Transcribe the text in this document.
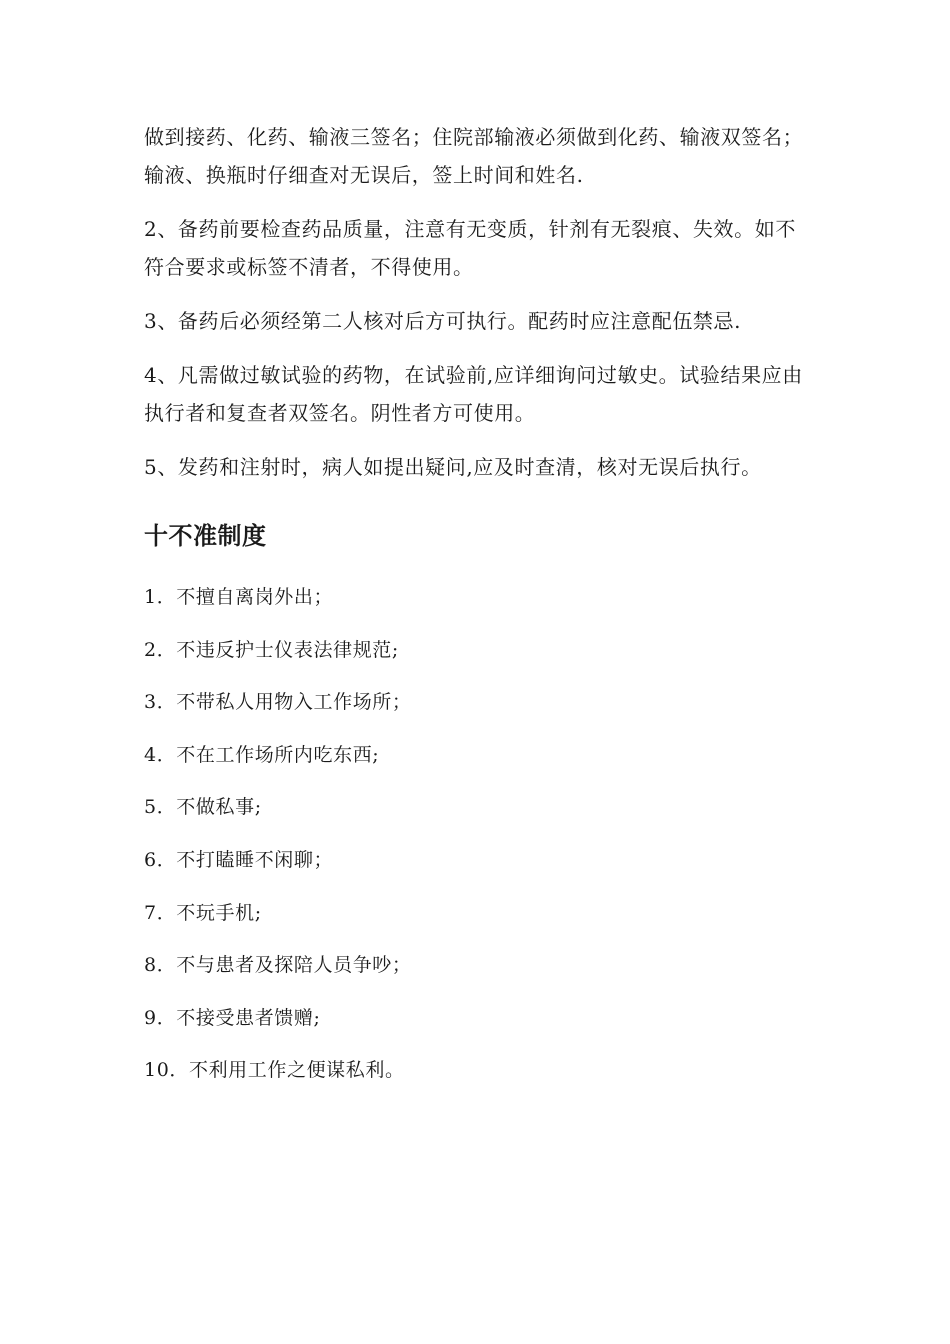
做到接药、化药、输液三签名；住院部输液必须做到化药、输液双签名；输液、换瓶时仔细查对无误后，签上时间和姓名.

2、备药前要检查药品质量，注意有无变质，针剂有无裂痕、失效。如不符合要求或标签不清者，不得使用。

3、备药后必须经第二人核对后方可执行。配药时应注意配伍禁忌.

4、凡需做过敏试验的药物，在试验前,应详细询问过敏史。试验结果应由执行者和复查者双签名。阴性者方可使用。

5、发药和注射时，病人如提出疑问,应及时查清，核对无误后执行。

十不准制度
1．不擅自离岗外出；
2．不违反护士仪表法律规范;
3．不带私人用物入工作场所；
4．不在工作场所内吃东西;
5．不做私事;
6．不打瞌睡不闲聊；
7．不玩手机;
8．不与患者及探陪人员争吵；
9．不接受患者馈赠;
10．不利用工作之便谋私利。
